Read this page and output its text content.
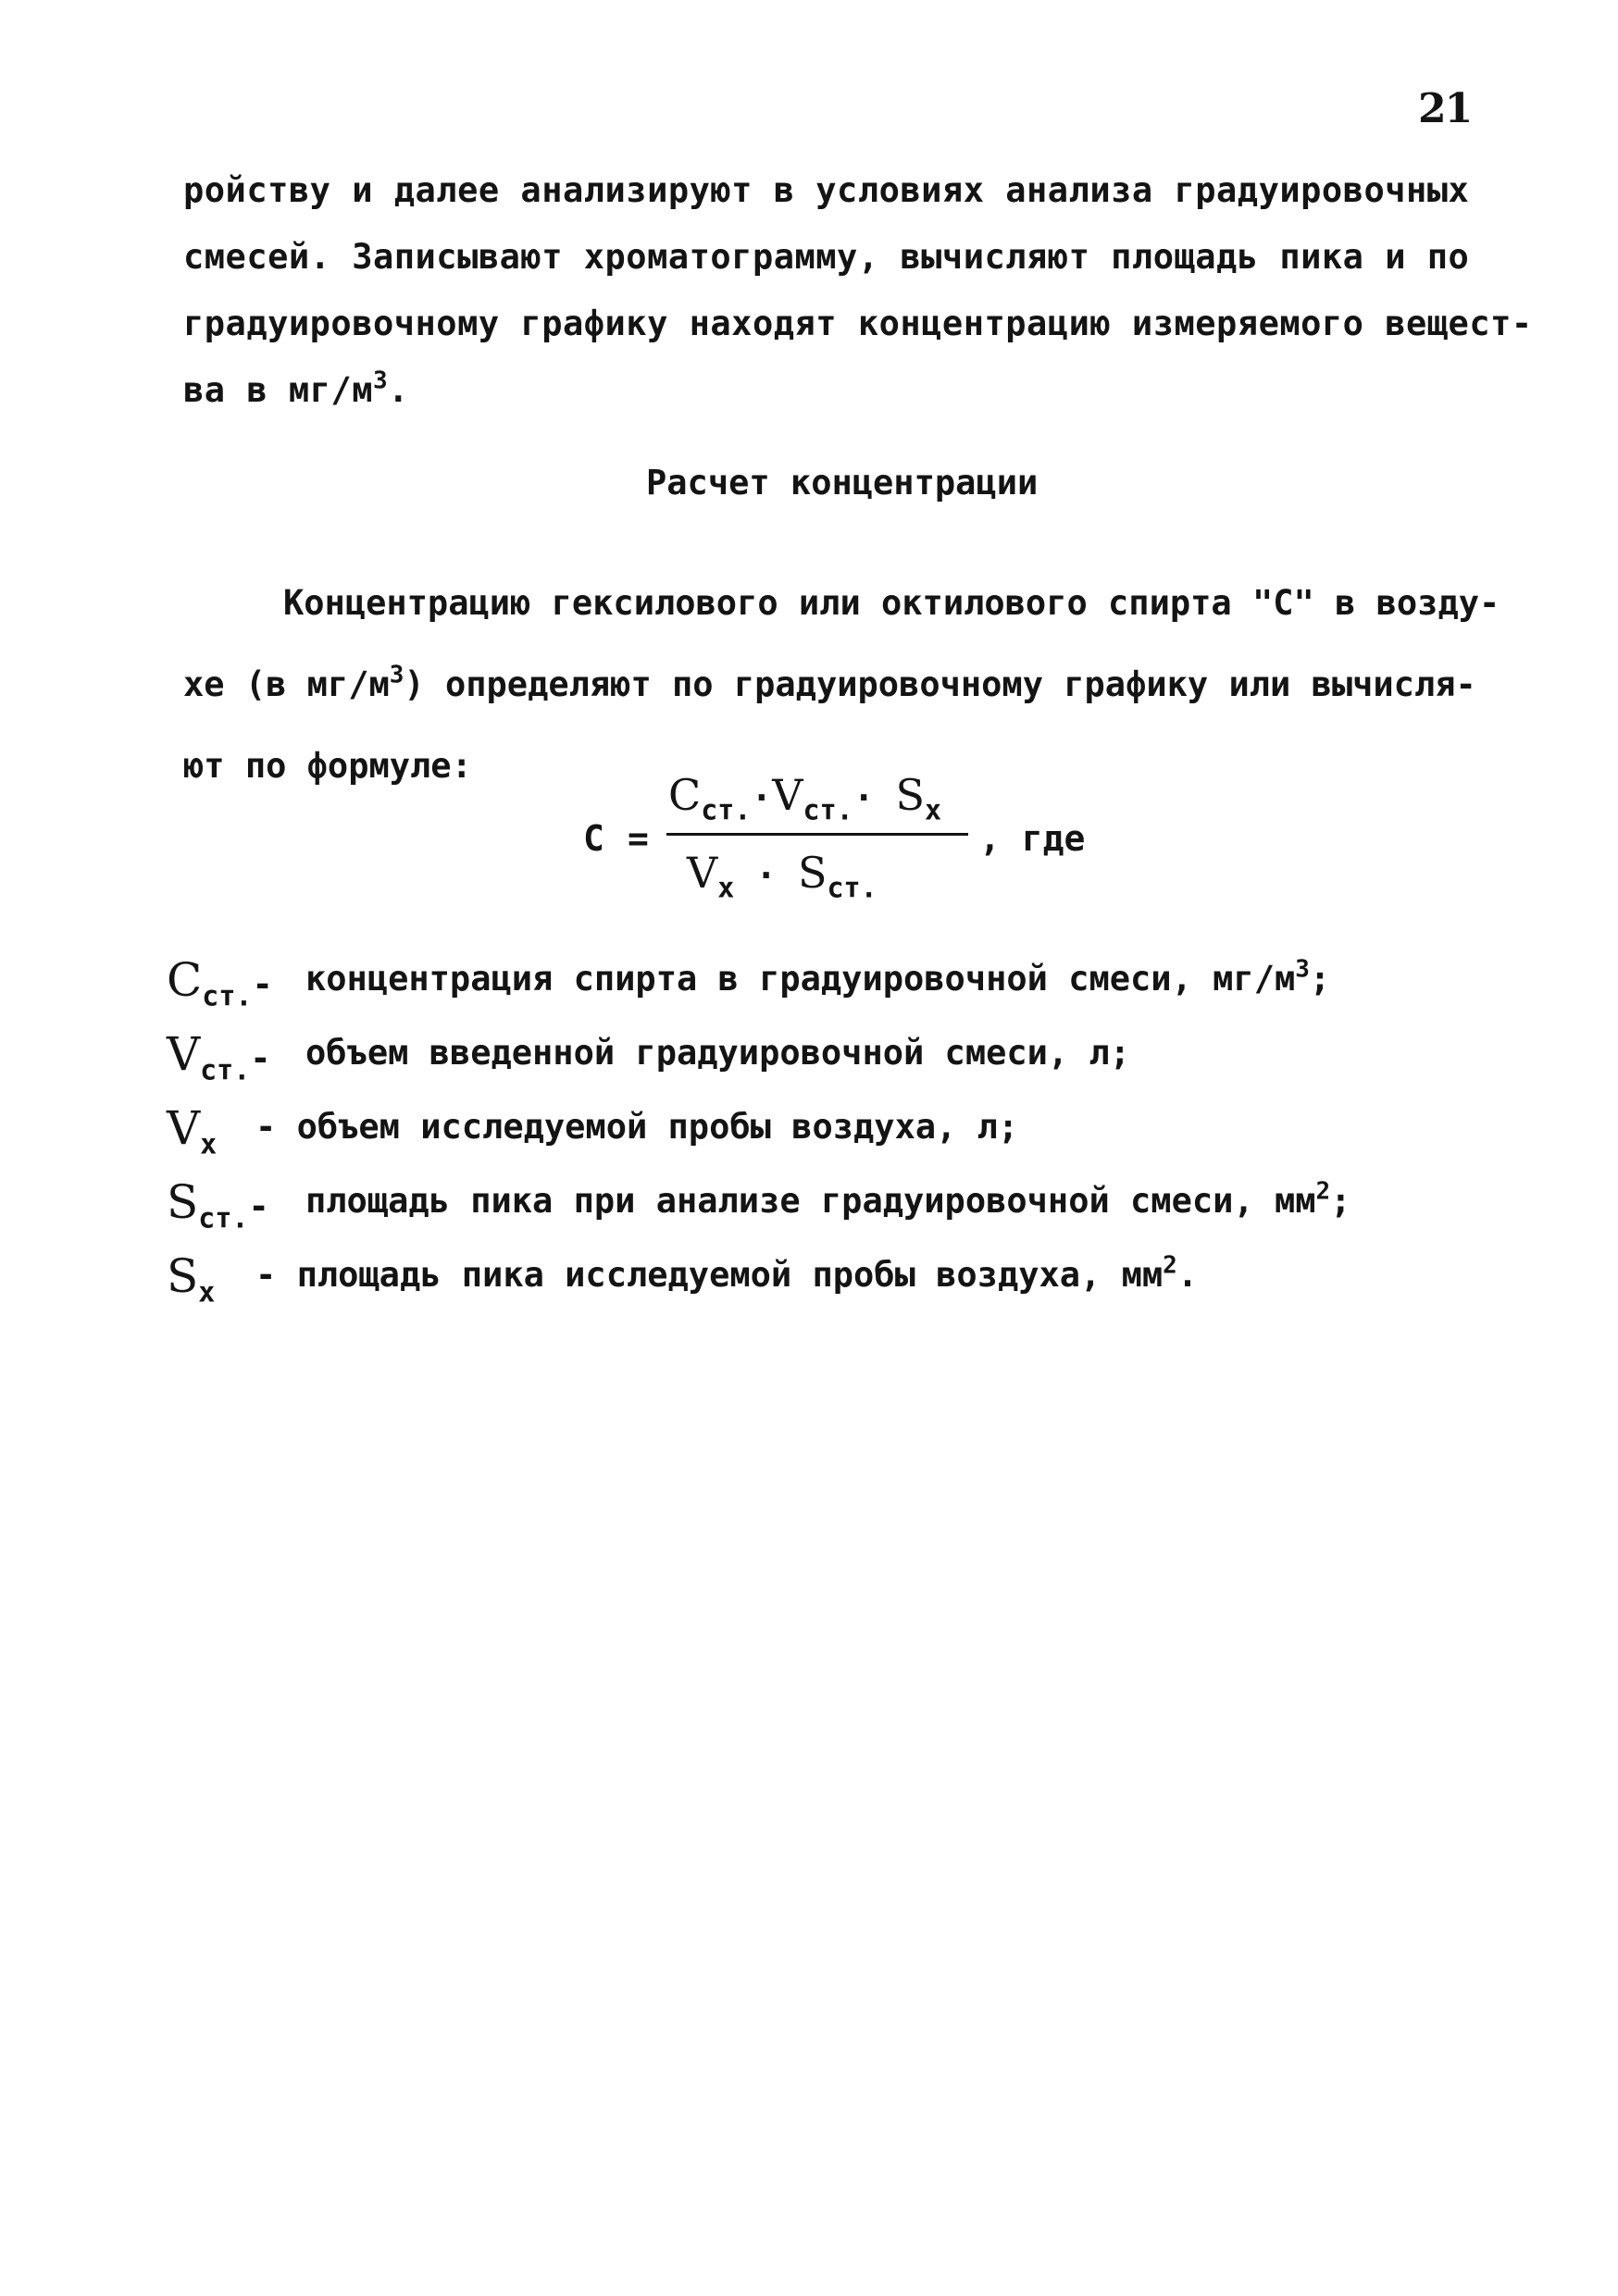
21
ройству и далее анализируют в условиях анализа градуировочных
смесей. Записывают хроматограмму, вычисляют площадь пика и по
градуировочному графику находят концентрацию измеряемого вещест-
ва в $мг/м^3$.
Расчет концентрации
Концентрацию гексилового или октилового спирта "С" в возду-
хе (в $мг/м^3$) определяют по градуировочному графику или вычисля-
ют по формуле:
C =
$C_{ст.}\cdot V_{ст.}\cdot S_x$
$V_x \cdot S_{ст.}$
, где
$C_{ст.}-$ концентрация спирта в градуировочной смеси, $мг/м^3$;
$V_{ст.}-$	объем введенной градуировочной смеси, л;
$V_x$	- объем исследуемой пробы воздуха, л;
$S_{ст.}-$	площадь пика при анализе градуировочной смеси, $мм^2$;
$S_x$	- площадь пика исследуемой пробы воздуха, $мм^2$.
